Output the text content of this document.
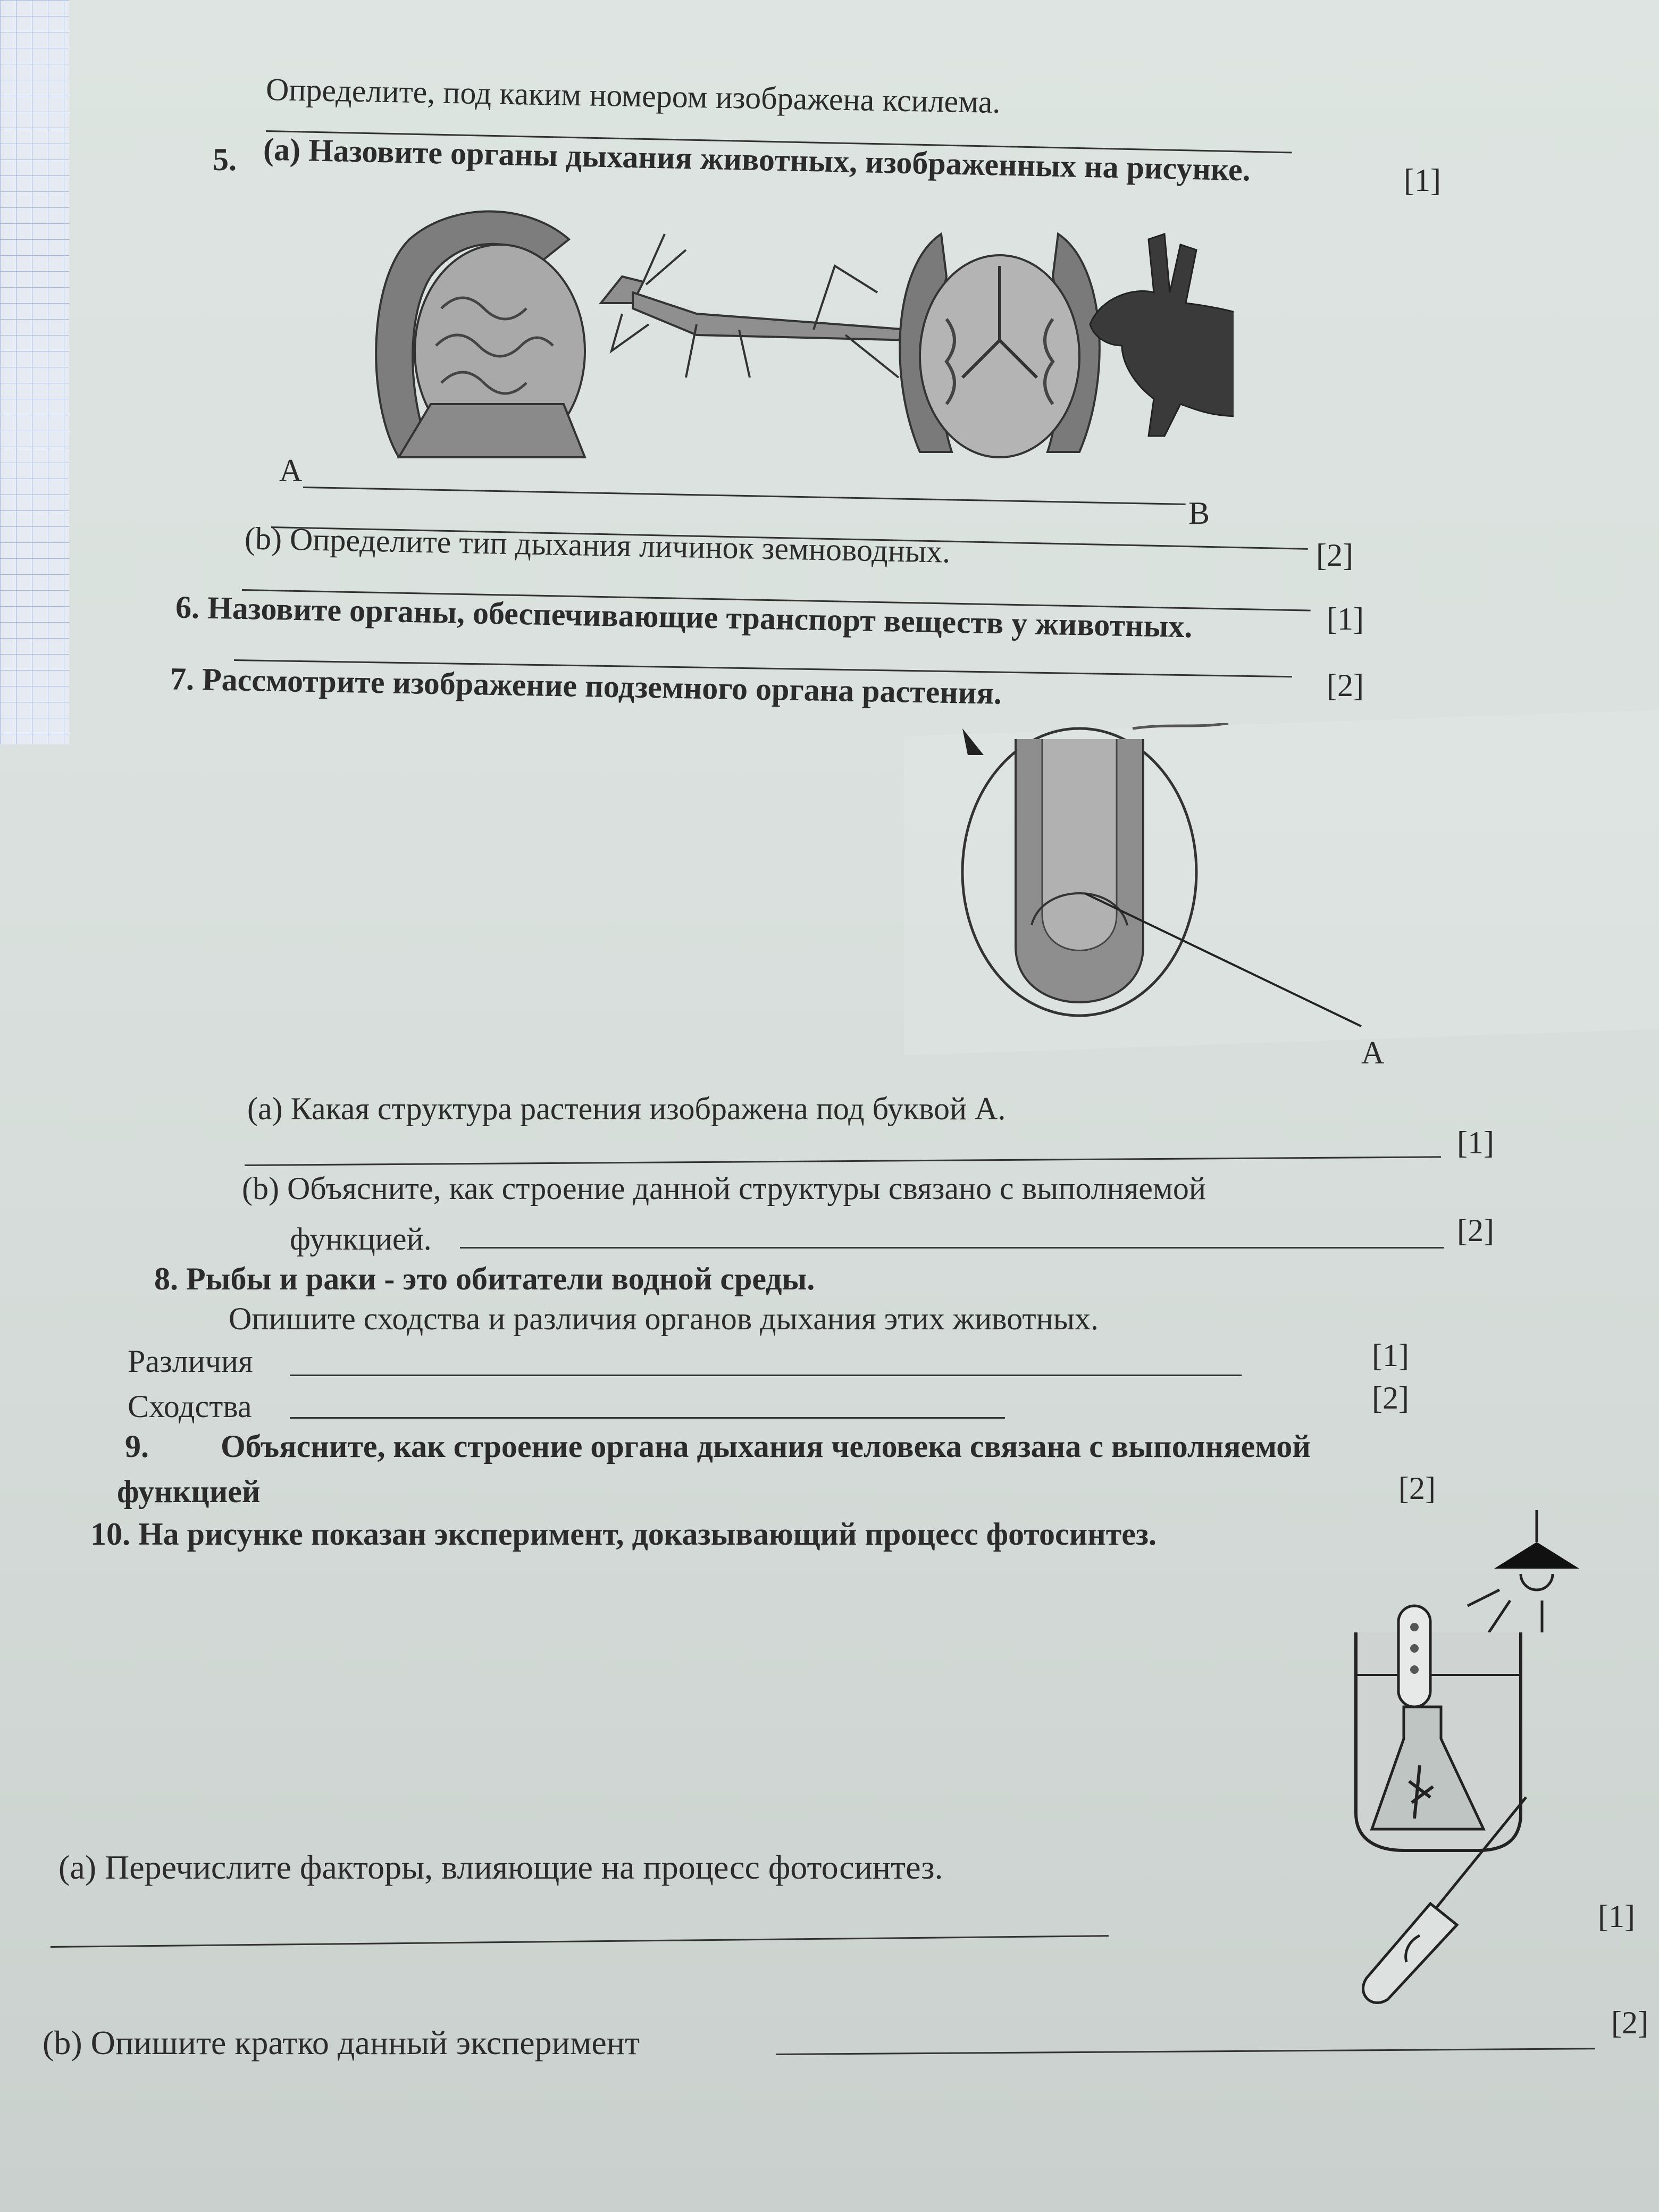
Определите, под каким номером изображена ксилема.
5. (a) Назовите органы дыхания животных, изображенных на рисунке.	[1]
A
B
[2]
(b) Определите тип дыхания личинок земноводных.
[1]
6. Назовите органы, обеспечивающие транспорт веществ у животных.
[2]
7. Рассмотрите изображение подземного органа растения.
A
(a) Какая структура растения изображена под буквой А.
[1]
(b) Объясните, как строение данной структуры связано с выполняемой
функцией.	[2]
8. Рыбы и раки - это обитатели водной среды.
Опишите сходства и различия органов дыхания этих животных.
Различия	[1]
Сходства	[2]
9. Объясните, как строение органа дыхания человека связана с выполняемой
функцией	[2]
10. На рисунке показан эксперимент, доказывающий процесс фотосинтез.
(a) Перечислите факторы, влияющие на процесс фотосинтез.
[1]
(b) Опишите кратко данный эксперимент
[2]
